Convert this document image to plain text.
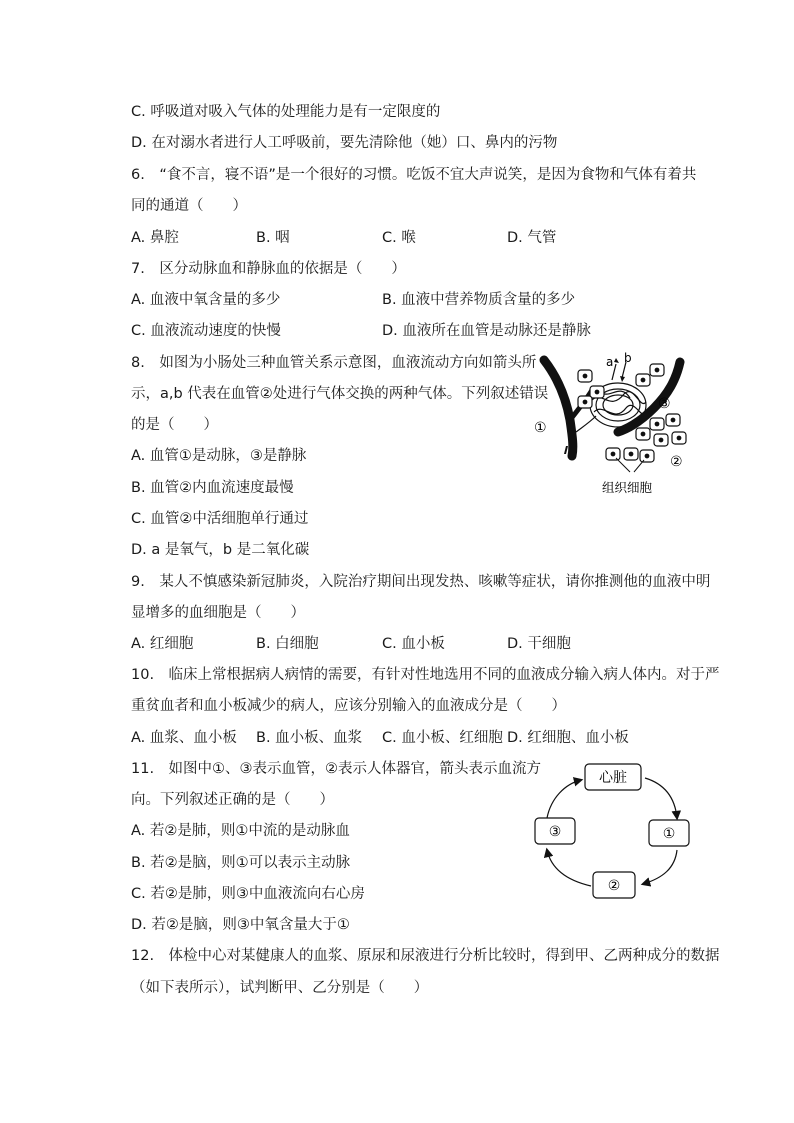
C. 呼吸道对吸入气体的处理能力是有一定限度的
D. 在对溺水者进行人工呼吸前，要先清除他（她）口、鼻内的污物
6.　“食不言，寝不语”是一个很好的习惯。吃饭不宜大声说笑，是因为食物和气体有着共
同的通道（　　）
A. 鼻腔	B. 咽	C. 喉	D. 气管
7.　区分动脉血和静脉血的依据是（　　）
A. 血液中氧含量的多少	B. 血液中营养物质含量的多少
C. 血液流动速度的快慢	D. 血液所在血管是动脉还是静脉
8.　如图为小肠处三种血管关系示意图，血液流动方向如箭头所
示，a,b 代表在血管②处进行气体交换的两种气体。下列叙述错误
的是（　　）
A. 血管①是动脉，③是静脉
B. 血管②内血流速度最慢
C. 血管②中活细胞单行通过
D. a 是氧气，b 是二氧化碳
a b
①
③
②
组织细胞
9.　某人不慎感染新冠肺炎，入院治疗期间出现发热、咳嗽等症状，请你推测他的血液中明
显增多的血细胞是（　　）
A. 红细胞	B. 白细胞	C. 血小板	D. 干细胞
10.　临床上常根据病人病情的需要，有针对性地选用不同的血液成分输入病人体内。对于严
重贫血者和血小板减少的病人，应该分别输入的血液成分是（　　）
A. 血浆、血小板 B. 血小板、血浆 C. 血小板、红细胞 D. 红细胞、血小板
11.　如图中①、③表示血管，②表示人体器官，箭头表示血流方
向。下列叙述正确的是（　　）
A. 若②是肺，则①中流的是动脉血
B. 若②是脑，则①可以表示主动脉
C. 若②是肺，则③中血液流向右心房
D. 若②是脑，则③中氧含量大于①
心脏
①
②
③
12.　体检中心对某健康人的血浆、原尿和尿液进行分析比较时，得到甲、乙两种成分的数据
（如下表所示），试判断甲、乙分别是（　　）
